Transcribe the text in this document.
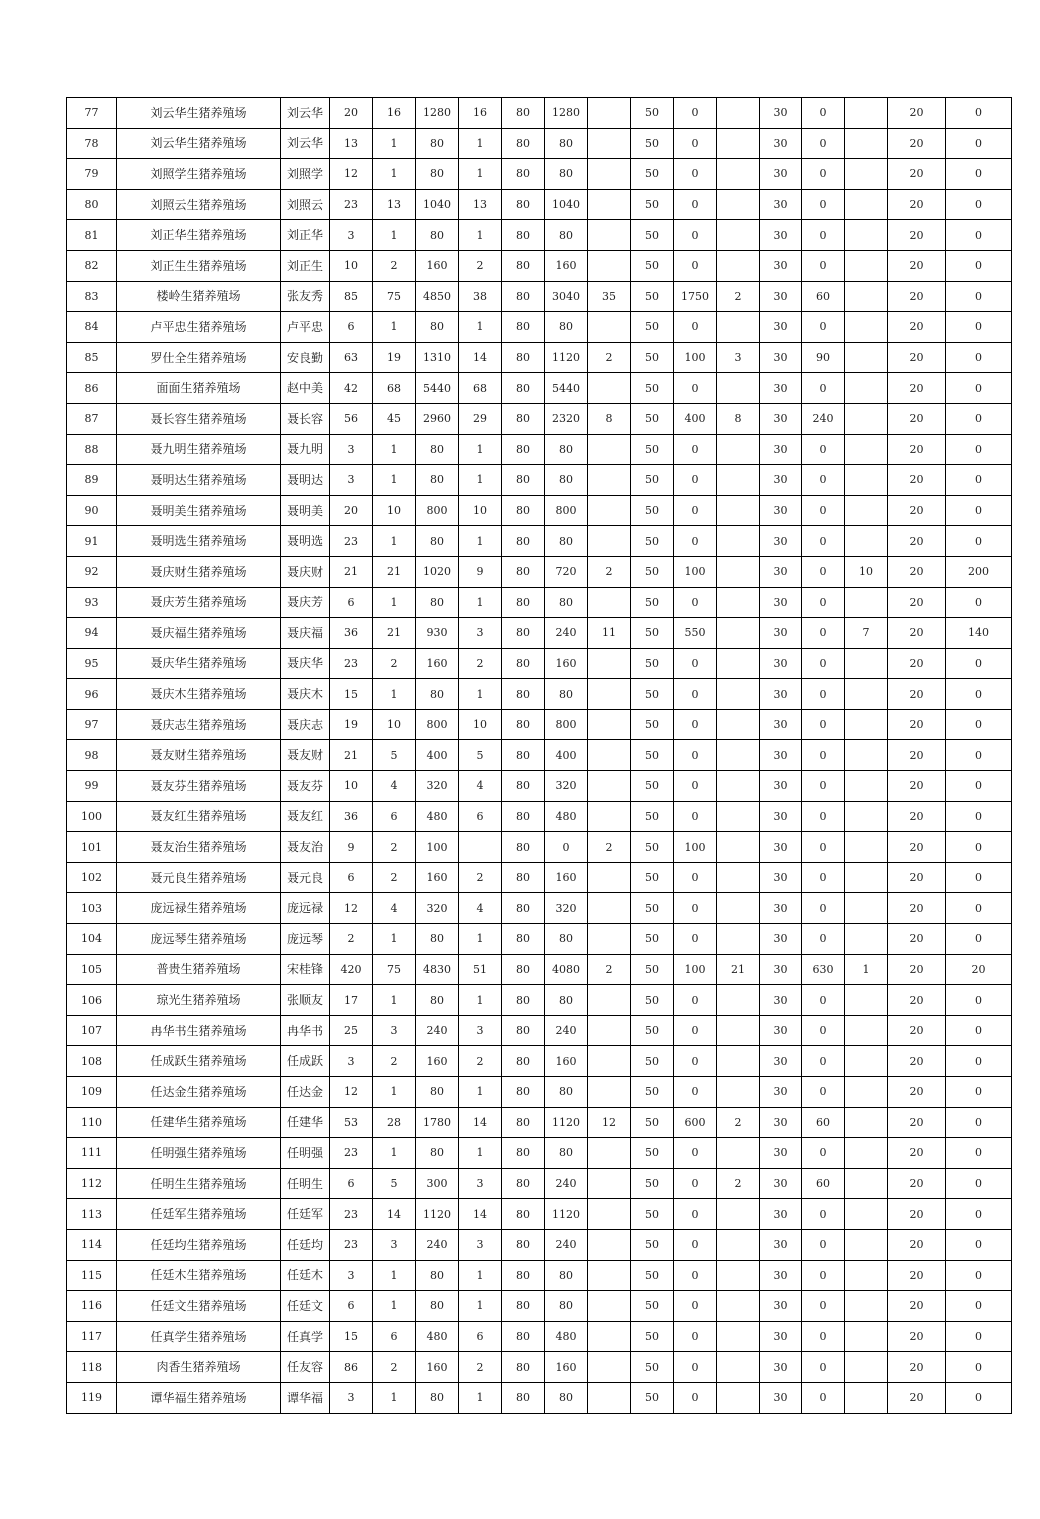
77	刘云华生猪养殖场	刘云华	20	16	1280	16	80	1280		50	0		30	0		20	0
78	刘云华生猪养殖场	刘云华	13	1	80	1	80	80		50	0		30	0		20	0
79	刘照学生猪养殖场	刘照学	12	1	80	1	80	80		50	0		30	0		20	0
80	刘照云生猪养殖场	刘照云	23	13	1040	13	80	1040		50	0		30	0		20	0
81	刘正华生猪养殖场	刘正华	3	1	80	1	80	80		50	0		30	0		20	0
82	刘正生生猪养殖场	刘正生	10	2	160	2	80	160		50	0		30	0		20	0
83	楼岭生猪养殖场	张友秀	85	75	4850	38	80	3040	35	50	1750	2	30	60		20	0
84	卢平忠生猪养殖场	卢平忠	6	1	80	1	80	80		50	0		30	0		20	0
85	罗仕全生猪养殖场	安良勤	63	19	1310	14	80	1120	2	50	100	3	30	90		20	0
86	面面生猪养殖场	赵中美	42	68	5440	68	80	5440		50	0		30	0		20	0
87	聂长容生猪养殖场	聂长容	56	45	2960	29	80	2320	8	50	400	8	30	240		20	0
88	聂九明生猪养殖场	聂九明	3	1	80	1	80	80		50	0		30	0		20	0
89	聂明达生猪养殖场	聂明达	3	1	80	1	80	80		50	0		30	0		20	0
90	聂明美生猪养殖场	聂明美	20	10	800	10	80	800		50	0		30	0		20	0
91	聂明选生猪养殖场	聂明选	23	1	80	1	80	80		50	0		30	0		20	0
92	聂庆财生猪养殖场	聂庆财	21	21	1020	9	80	720	2	50	100		30	0	10	20	200
93	聂庆芳生猪养殖场	聂庆芳	6	1	80	1	80	80		50	0		30	0		20	0
94	聂庆福生猪养殖场	聂庆福	36	21	930	3	80	240	11	50	550		30	0	7	20	140
95	聂庆华生猪养殖场	聂庆华	23	2	160	2	80	160		50	0		30	0		20	0
96	聂庆木生猪养殖场	聂庆木	15	1	80	1	80	80		50	0		30	0		20	0
97	聂庆志生猪养殖场	聂庆志	19	10	800	10	80	800		50	0		30	0		20	0
98	聂友财生猪养殖场	聂友财	21	5	400	5	80	400		50	0		30	0		20	0
99	聂友芬生猪养殖场	聂友芬	10	4	320	4	80	320		50	0		30	0		20	0
100	聂友红生猪养殖场	聂友红	36	6	480	6	80	480		50	0		30	0		20	0
101	聂友治生猪养殖场	聂友治	9	2	100		80	0	2	50	100		30	0		20	0
102	聂元良生猪养殖场	聂元良	6	2	160	2	80	160		50	0		30	0		20	0
103	庞远禄生猪养殖场	庞远禄	12	4	320	4	80	320		50	0		30	0		20	0
104	庞远琴生猪养殖场	庞远琴	2	1	80	1	80	80		50	0		30	0		20	0
105	普贵生猪养殖场	宋桂锋	420	75	4830	51	80	4080	2	50	100	21	30	630	1	20	20
106	琼光生猪养殖场	张顺友	17	1	80	1	80	80		50	0		30	0		20	0
107	冉华书生猪养殖场	冉华书	25	3	240	3	80	240		50	0		30	0		20	0
108	任成跃生猪养殖场	任成跃	3	2	160	2	80	160		50	0		30	0		20	0
109	任达金生猪养殖场	任达金	12	1	80	1	80	80		50	0		30	0		20	0
110	任建华生猪养殖场	任建华	53	28	1780	14	80	1120	12	50	600	2	30	60		20	0
111	任明强生猪养殖场	任明强	23	1	80	1	80	80		50	0		30	0		20	0
112	任明生生猪养殖场	任明生	6	5	300	3	80	240		50	0	2	30	60		20	0
113	任廷军生猪养殖场	任廷军	23	14	1120	14	80	1120		50	0		30	0		20	0
114	任廷均生猪养殖场	任廷均	23	3	240	3	80	240		50	0		30	0		20	0
115	任廷木生猪养殖场	任廷木	3	1	80	1	80	80		50	0		30	0		20	0
116	任廷文生猪养殖场	任廷文	6	1	80	1	80	80		50	0		30	0		20	0
117	任真学生猪养殖场	任真学	15	6	480	6	80	480		50	0		30	0		20	0
118	肉香生猪养殖场	任友容	86	2	160	2	80	160		50	0		30	0		20	0
119	谭华福生猪养殖场	谭华福	3	1	80	1	80	80		50	0		30	0		20	0
